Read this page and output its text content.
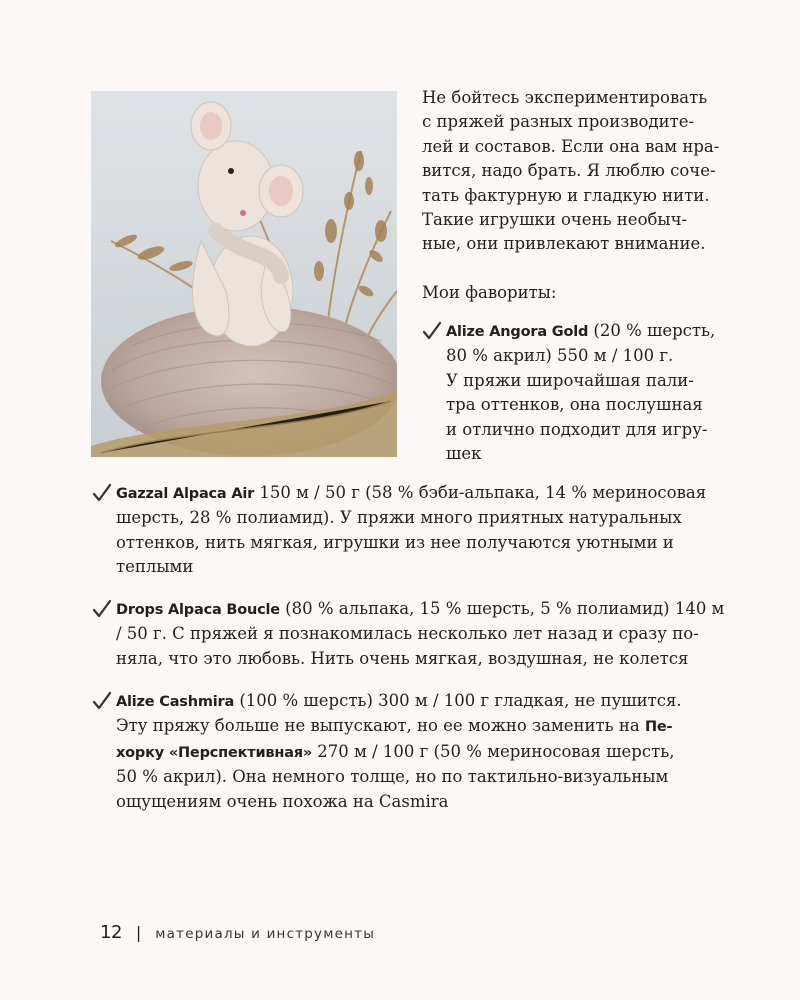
Не бойтесь экспериментировать
с пряжей разных производите-
лей и составов. Если она вам нра-
вится, надо брать. Я люблю соче-
тать фактурную и гладкую нити.
Такие игрушки очень необыч-
ные, они привлекают внимание.

Мои фавориты:

Alize Angora Gold (20 % шерсть,
80 % акрил) 550 м / 100 г.
У пряжи широчайшая пали-
тра оттенков, она послушная
и отлично подходит для игру-
шек
Gazzal Alpaca Air 150 м / 50 г (58 % бэби-альпака, 14 % мериносовая
шерсть, 28 % полиамид). У пряжи много приятных натуральных
оттенков, нить мягкая, игрушки из нее получаются уютными и
теплыми
Drops Alpaca Boucle (80 % альпака, 15 % шерсть, 5 % полиамид) 140 м
/ 50 г. С пряжей я познакомилась несколько лет назад и сразу по-
няла, что это любовь. Нить очень мягкая, воздушная, не колется
Alize Cashmira (100 % шерсть) 300 м / 100 г гладкая, не пушится.
Эту пряжу больше не выпускают, но ее можно заменить на Пе-
хорку «Перспективная» 270 м / 100 г (50 % мериносовая шерсть,
50 % акрил). Она немного толще, но по тактильно-визуальным
ощущениям очень похожа на Casmira
12 | материалы и инструменты
